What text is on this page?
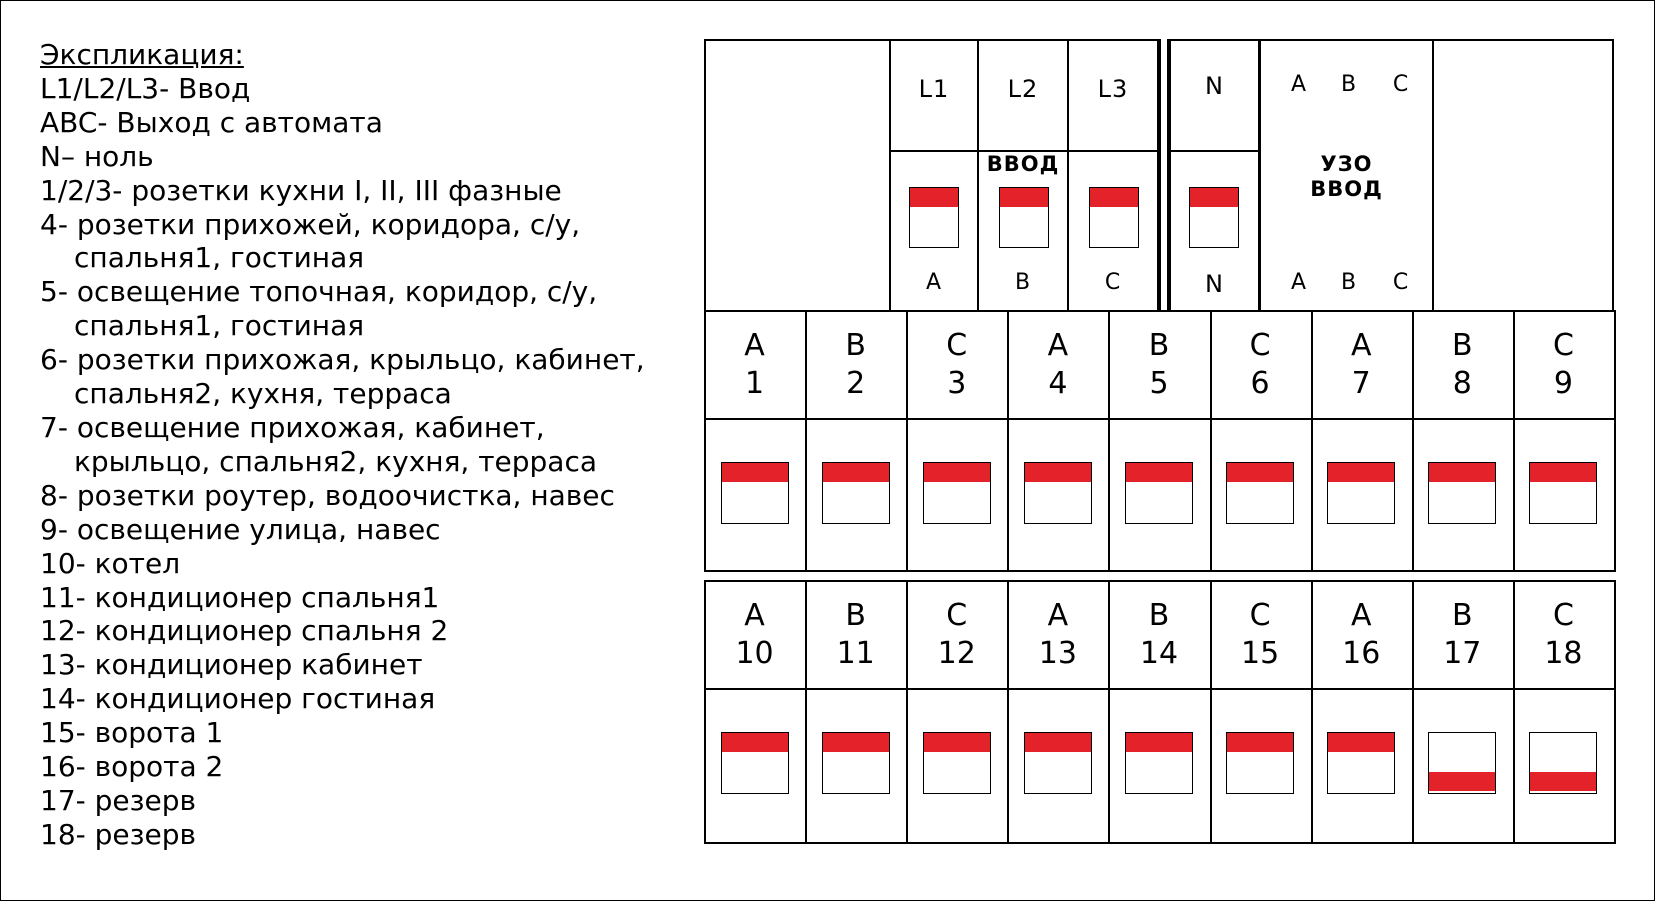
Экспликация:
L1/L2/L3- Ввод
ABC- Выход с автомата
N– ноль
1/2/3- розетки кухни I, II, III фазные
4- розетки прихожей, коридора, с/у,
спальня1, гостиная
5- освещение топочная, коридор, с/у,
спальня1, гостиная
6- розетки прихожая, крыльцо, кабинет,
спальня2, кухня, терраса
7- освещение прихожая, кабинет,
крыльцо, спальня2, кухня, терраса
8- розетки роутер, водоочистка, навес
9- освещение улица, навес
10- котел
11- кондиционер спальня1
12- кондиционер спальня 2
13- кондиционер кабинет
14- кондиционер гостиная
15- ворота 1
16- ворота 2
17- резерв
18- резерв
L1	L2	L3
ВВОД
A	B	C
N
N
A	B	C
УЗО
ВВОД
A	B	C
A
1
B
2
C
3
A
4
B
5
C
6
A
7
B
8
C
9
A
10
B
11
C
12
A
13
B
14
C
15
A
16
B
17
C
18
